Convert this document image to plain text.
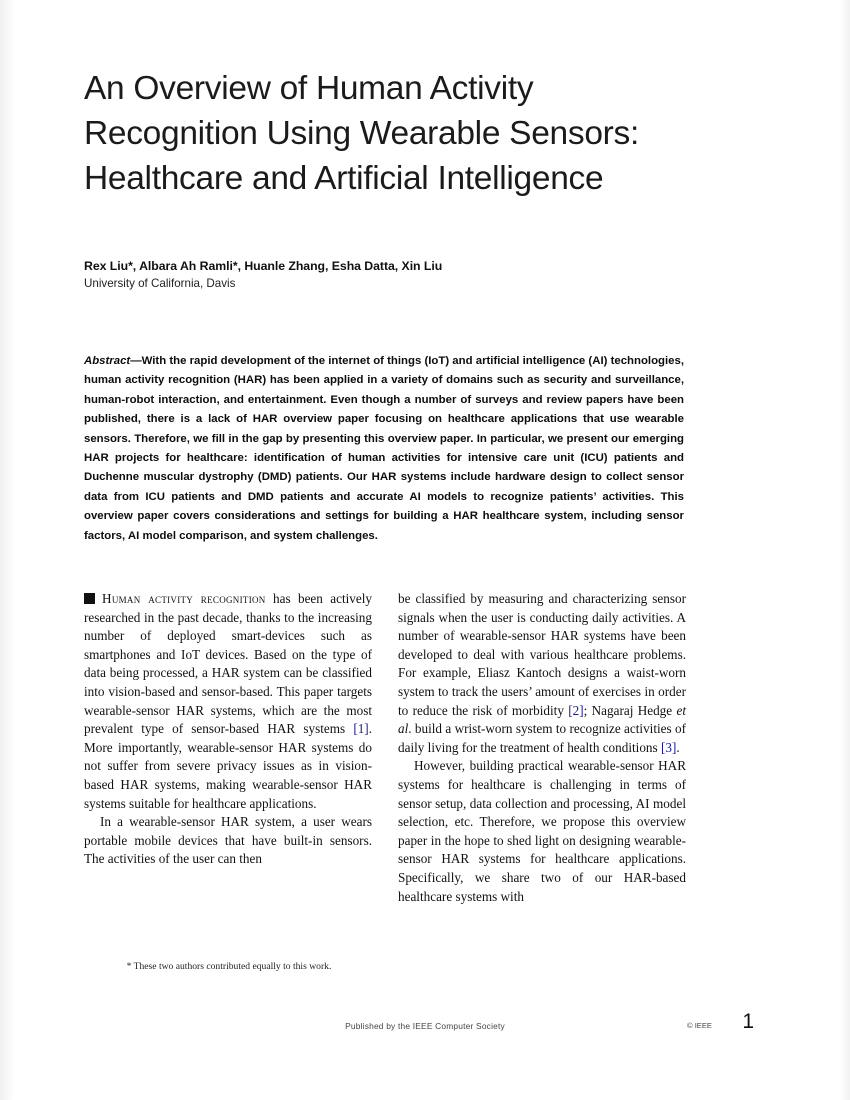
An Overview of Human Activity Recognition Using Wearable Sensors: Healthcare and Artificial Intelligence
Rex Liu*, Albara Ah Ramli*, Huanle Zhang, Esha Datta, Xin Liu
University of California, Davis
Abstract—With the rapid development of the internet of things (IoT) and artificial intelligence (AI) technologies, human activity recognition (HAR) has been applied in a variety of domains such as security and surveillance, human-robot interaction, and entertainment. Even though a number of surveys and review papers have been published, there is a lack of HAR overview paper focusing on healthcare applications that use wearable sensors. Therefore, we fill in the gap by presenting this overview paper. In particular, we present our emerging HAR projects for healthcare: identification of human activities for intensive care unit (ICU) patients and Duchenne muscular dystrophy (DMD) patients. Our HAR systems include hardware design to collect sensor data from ICU patients and DMD patients and accurate AI models to recognize patients’ activities. This overview paper covers considerations and settings for building a HAR healthcare system, including sensor factors, AI model comparison, and system challenges.

Human activity recognition has been actively researched in the past decade, thanks to the increasing number of deployed smart-devices such as smartphones and IoT devices. Based on the type of data being processed, a HAR system can be classified into vision-based and sensor-based. This paper targets wearable-sensor HAR systems, which are the most prevalent type of sensor-based HAR systems [1]. More importantly, wearable-sensor HAR systems do not suffer from severe privacy issues as in vision-based HAR systems, making wearable-sensor HAR systems suitable for healthcare applications.

In a wearable-sensor HAR system, a user wears portable mobile devices that have built-in sensors. The activities of the user can then

be classified by measuring and characterizing sensor signals when the user is conducting daily activities. A number of wearable-sensor HAR systems have been developed to deal with various healthcare problems. For example, Eliasz Kantoch designs a waist-worn system to track the users’ amount of exercises in order to reduce the risk of morbidity [2]; Nagaraj Hedge et al. build a wrist-worn system to recognize activities of daily living for the treatment of health conditions [3].

However, building practical wearable-sensor HAR systems for healthcare is challenging in terms of sensor setup, data collection and processing, AI model selection, etc. Therefore, we propose this overview paper in the hope to shed light on designing wearable-sensor HAR systems for healthcare applications. Specifically, we share two of our HAR-based healthcare systems with

* These two authors contributed equally to this work.
Published by the IEEE Computer Society	© IEEE 1
